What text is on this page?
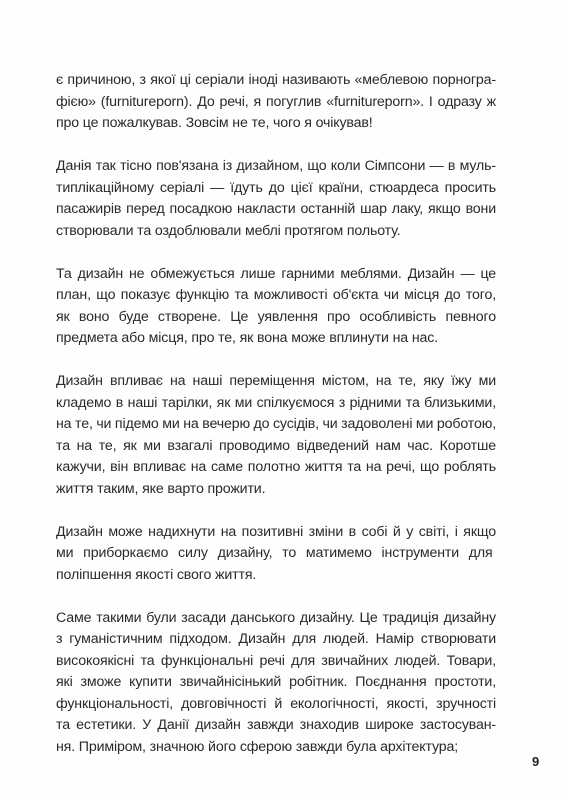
є причиною, з якої ці серіали іноді називають «меблевою порногра-
фією» (furnitureporn). До речі, я погуглив «furnitureporn». І одразу ж
про це пожалкував. Зовсім не те, чого я очікував!

Данія так тісно пов'язана із дизайном, що коли Сімпсони — в муль-
типлікаційному серіалі — їдуть до цієї країни, стюардеса просить
пасажирів перед посадкою накласти останній шар лаку, якщо вони
створювали та оздоблювали меблі протягом польоту.

Та дизайн не обмежується лише гарними меблями. Дизайн — це
план, що показує функцію та можливості об'єкта чи місця до того,
як воно буде створене. Це уявлення про особливість певного
предмета або місця, про те, як вона може вплинути на нас.

Дизайн впливає на наші переміщення містом, на те, яку їжу ми
кладемо в наші тарілки, як ми спілкуємося з рідними та близькими,
на те, чи підемо ми на вечерю до сусідів, чи задоволені ми роботою,
та на те, як ми взагалі проводимо відведений нам час. Коротше
кажучи, він впливає на саме полотно життя та на речі, що роблять
життя таким, яке варто прожити.

Дизайн може надихнути на позитивні зміни в собі й у світі, і якщо
ми приборкаємо силу дизайну, то матимемо інструменти для
поліпшення якості свого життя.

Саме такими були засади данського дизайну. Це традиція дизайну
з гуманістичним підходом. Дизайн для людей. Намір створювати
високоякісні та функціональні речі для звичайних людей. Товари,
які зможе купити звичайнісінький робітник. Поєднання простоти,
функціональності, довговічності й екологічності, якості, зручності
та естетики. У Данії дизайн завжди знаходив широке застосуван-
ня. Приміром, значною його сферою завжди була архітектура;

9
